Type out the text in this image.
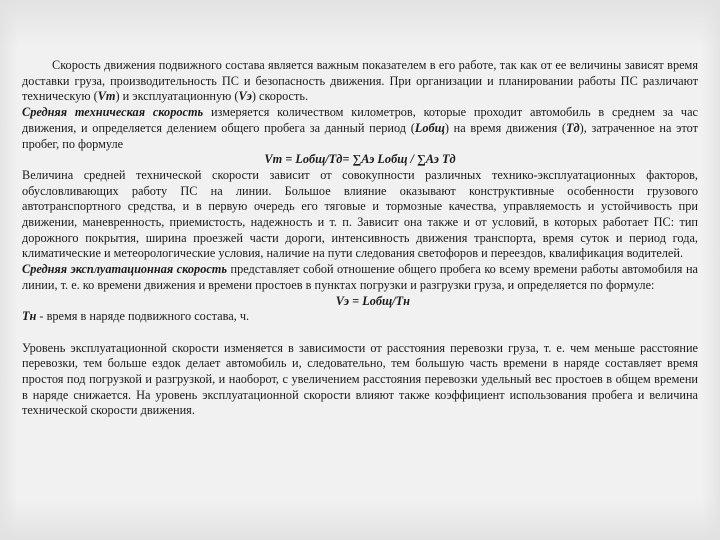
Скорость движения подвижного состава является важным показателем в его работе, так как от ее величины зависят время доставки груза, производительность ПС и безопасность движения. При организации и планировании работы ПС различают техническую (Vт) и эксплуатационную (Vэ) скорость.

Средняя техническая скорость измеряется количеством километров, которые проходит автомобиль в среднем за час движения, и определяется делением общего пробега за данный период (Lобщ) на время движения (Tд), затраченное на этот пробег, по формуле

Vт = Lобщ/Tд= ∑Аэ Lобщ / ∑Аэ Тд

Величина средней технической скорости зависит от совокупности различных технико-эксплуатационных факторов, обусловливающих работу ПС на линии. Большое влияние оказывают конструктивные особенности грузового автотранспортного средства, и в первую очередь его тяговые и тормозные качества, управляемость и устойчивость при движении, маневренность, приемистость, надежность и т. п. Зависит она также и от условий, в которых работает ПС: тип дорожного покрытия, ширина проезжей части дороги, интенсивность движения транспорта, время суток и период года, климатические и метеорологические условия, наличие на пути следования светофоров и переездов, квалификация водителей.

Средняя эксплуатационная скорость представляет собой отношение общего пробега ко всему времени работы автомобиля на линии, т. е. ко времени движения и времени простоев в пунктах погрузки и разгрузки груза, и определяется по формуле:

Vэ = Lобщ/Тн

Тн - время в наряде подвижного состава, ч.

Уровень эксплуатационной скорости изменяется в зависимости от расстояния перевозки груза, т. е. чем меньше расстояние перевозки, тем больше ездок делает автомобиль и, следовательно, тем большую часть времени в наряде составляет время простоя под погрузкой и разгрузкой, и наоборот, с увеличением расстояния перевозки удельный вес простоев в общем времени в наряде снижается. На уровень эксплуатационной скорости влияют также коэффициент использования пробега и величина технической скорости движения.
